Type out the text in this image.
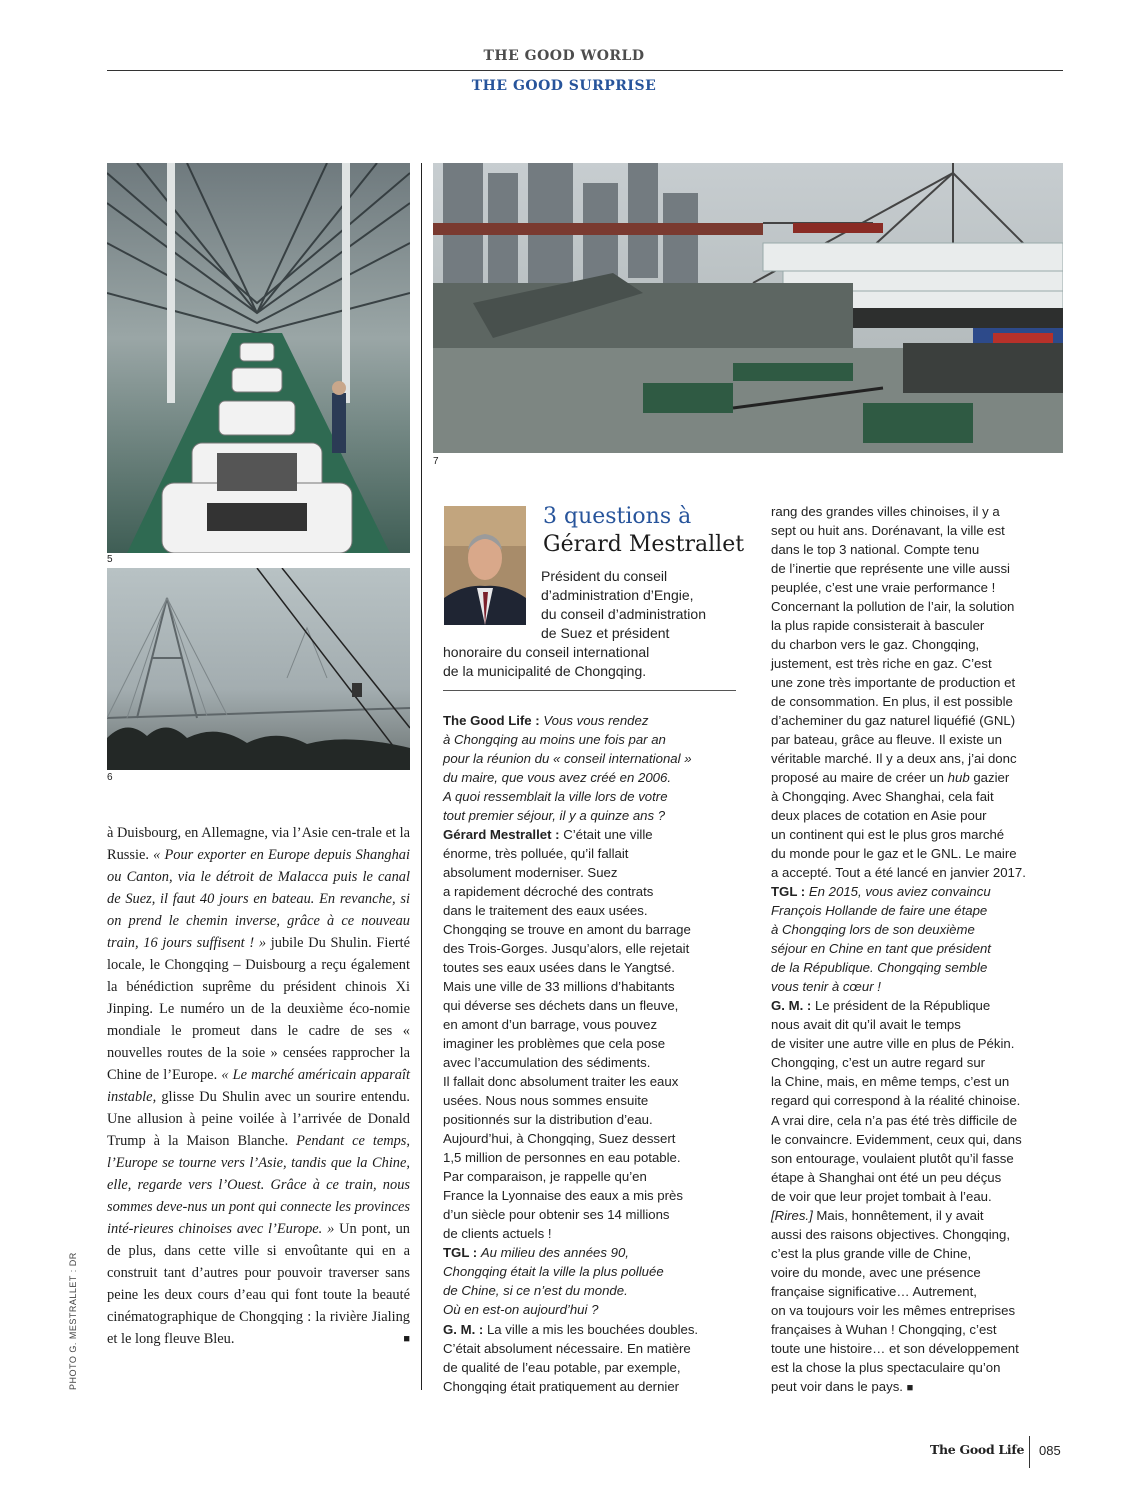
THE GOOD WORLD
THE GOOD SURPRISE
5
6
7
à Duisbourg, en Allemagne, via l’Asie cen-trale et la Russie. « Pour exporter en Europe depuis Shanghai ou Canton, via le détroit de Malacca puis le canal de Suez, il faut 40 jours en bateau. En revanche, si on prend le chemin inverse, grâce à ce nouveau train, 16 jours suffisent ! » jubile Du Shulin. Fierté locale, le Chongqing – Duisbourg a reçu également la bénédiction suprême du président chinois Xi Jinping. Le numéro un de la deuxième éco-nomie mondiale le promeut dans le cadre de ses « nouvelles routes de la soie » censées rapprocher la Chine de l’Europe. « Le marché américain apparaît instable, glisse Du Shulin avec un sourire entendu. Une allusion à peine voilée à l’arrivée de Donald Trump à la Maison Blanche. Pendant ce temps, l’Europe se tourne vers l’Asie, tandis que la Chine, elle, regarde vers l’Ouest. Grâce à ce train, nous sommes deve-nus un pont qui connecte les provinces inté-rieures chinoises avec l’Europe. » Un pont, un de plus, dans cette ville si envoûtante qui en a construit tant d’autres pour pouvoir traverser sans peine les deux cours d’eau qui font toute la beauté cinématographique de Chongqing : la rivière Jialing et le long fleuve Bleu.	■
PHOTO G. MESTRALLET : DR
3 questions à
Gérard Mestrallet
Président du conseil
d’administration d’Engie,
du conseil d’administration
de Suez et président
honoraire du conseil international
de la municipalité de Chongqing.
The Good Life : Vous vous rendez
à Chongqing au moins une fois par an
pour la réunion du « conseil international »
du maire, que vous avez créé en 2006.
A quoi ressemblait la ville lors de votre
tout premier séjour, il y a quinze ans ?
Gérard Mestrallet : C’était une ville
énorme, très polluée, qu’il fallait
absolument moderniser. Suez
a rapidement décroché des contrats
dans le traitement des eaux usées.
Chongqing se trouve en amont du barrage
des Trois-Gorges. Jusqu’alors, elle rejetait
toutes ses eaux usées dans le Yangtsé.
Mais une ville de 33 millions d’habitants
qui déverse ses déchets dans un fleuve,
en amont d’un barrage, vous pouvez
imaginer les problèmes que cela pose
avec l’accumulation des sédiments.
Il fallait donc absolument traiter les eaux
usées. Nous nous sommes ensuite
positionnés sur la distribution d’eau.
Aujourd’hui, à Chongqing, Suez dessert
1,5 million de personnes en eau potable.
Par comparaison, je rappelle qu’en
France la Lyonnaise des eaux a mis près
d’un siècle pour obtenir ses 14 millions
de clients actuels !
TGL : Au milieu des années 90,
Chongqing était la ville la plus polluée
de Chine, si ce n’est du monde.
Où en est-on aujourd’hui ?
G. M. : La ville a mis les bouchées doubles.
C’était absolument nécessaire. En matière
de qualité de l’eau potable, par exemple,
Chongqing était pratiquement au dernier
rang des grandes villes chinoises, il y a
sept ou huit ans. Dorénavant, la ville est
dans le top 3 national. Compte tenu
de l’inertie que représente une ville aussi
peuplée, c’est une vraie performance !
Concernant la pollution de l’air, la solution
la plus rapide consisterait à basculer
du charbon vers le gaz. Chongqing,
justement, est très riche en gaz. C’est
une zone très importante de production et
de consommation. En plus, il est possible
d’acheminer du gaz naturel liquéfié (GNL)
par bateau, grâce au fleuve. Il existe un
véritable marché. Il y a deux ans, j’ai donc
proposé au maire de créer un hub gazier
à Chongqing. Avec Shanghai, cela fait
deux places de cotation en Asie pour
un continent qui est le plus gros marché
du monde pour le gaz et le GNL. Le maire
a accepté. Tout a été lancé en janvier 2017.
TGL : En 2015, vous aviez convaincu
François Hollande de faire une étape
à Chongqing lors de son deuxième
séjour en Chine en tant que président
de la République. Chongqing semble
vous tenir à cœur !
G. M. : Le président de la République
nous avait dit qu’il avait le temps
de visiter une autre ville en plus de Pékin.
Chongqing, c’est un autre regard sur
la Chine, mais, en même temps, c’est un
regard qui correspond à la réalité chinoise.
A vrai dire, cela n’a pas été très difficile de
le convaincre. Evidemment, ceux qui, dans
son entourage, voulaient plutôt qu’il fasse
étape à Shanghai ont été un peu déçus
de voir que leur projet tombait à l’eau.
[Rires.] Mais, honnêtement, il y avait
aussi des raisons objectives. Chongqing,
c’est la plus grande ville de Chine,
voire du monde, avec une présence
française significative… Autrement,
on va toujours voir les mêmes entreprises
françaises à Wuhan ! Chongqing, c’est
toute une histoire… et son développement
est la chose la plus spectaculaire qu’on
peut voir dans le pays. ■
The Good Life 085
